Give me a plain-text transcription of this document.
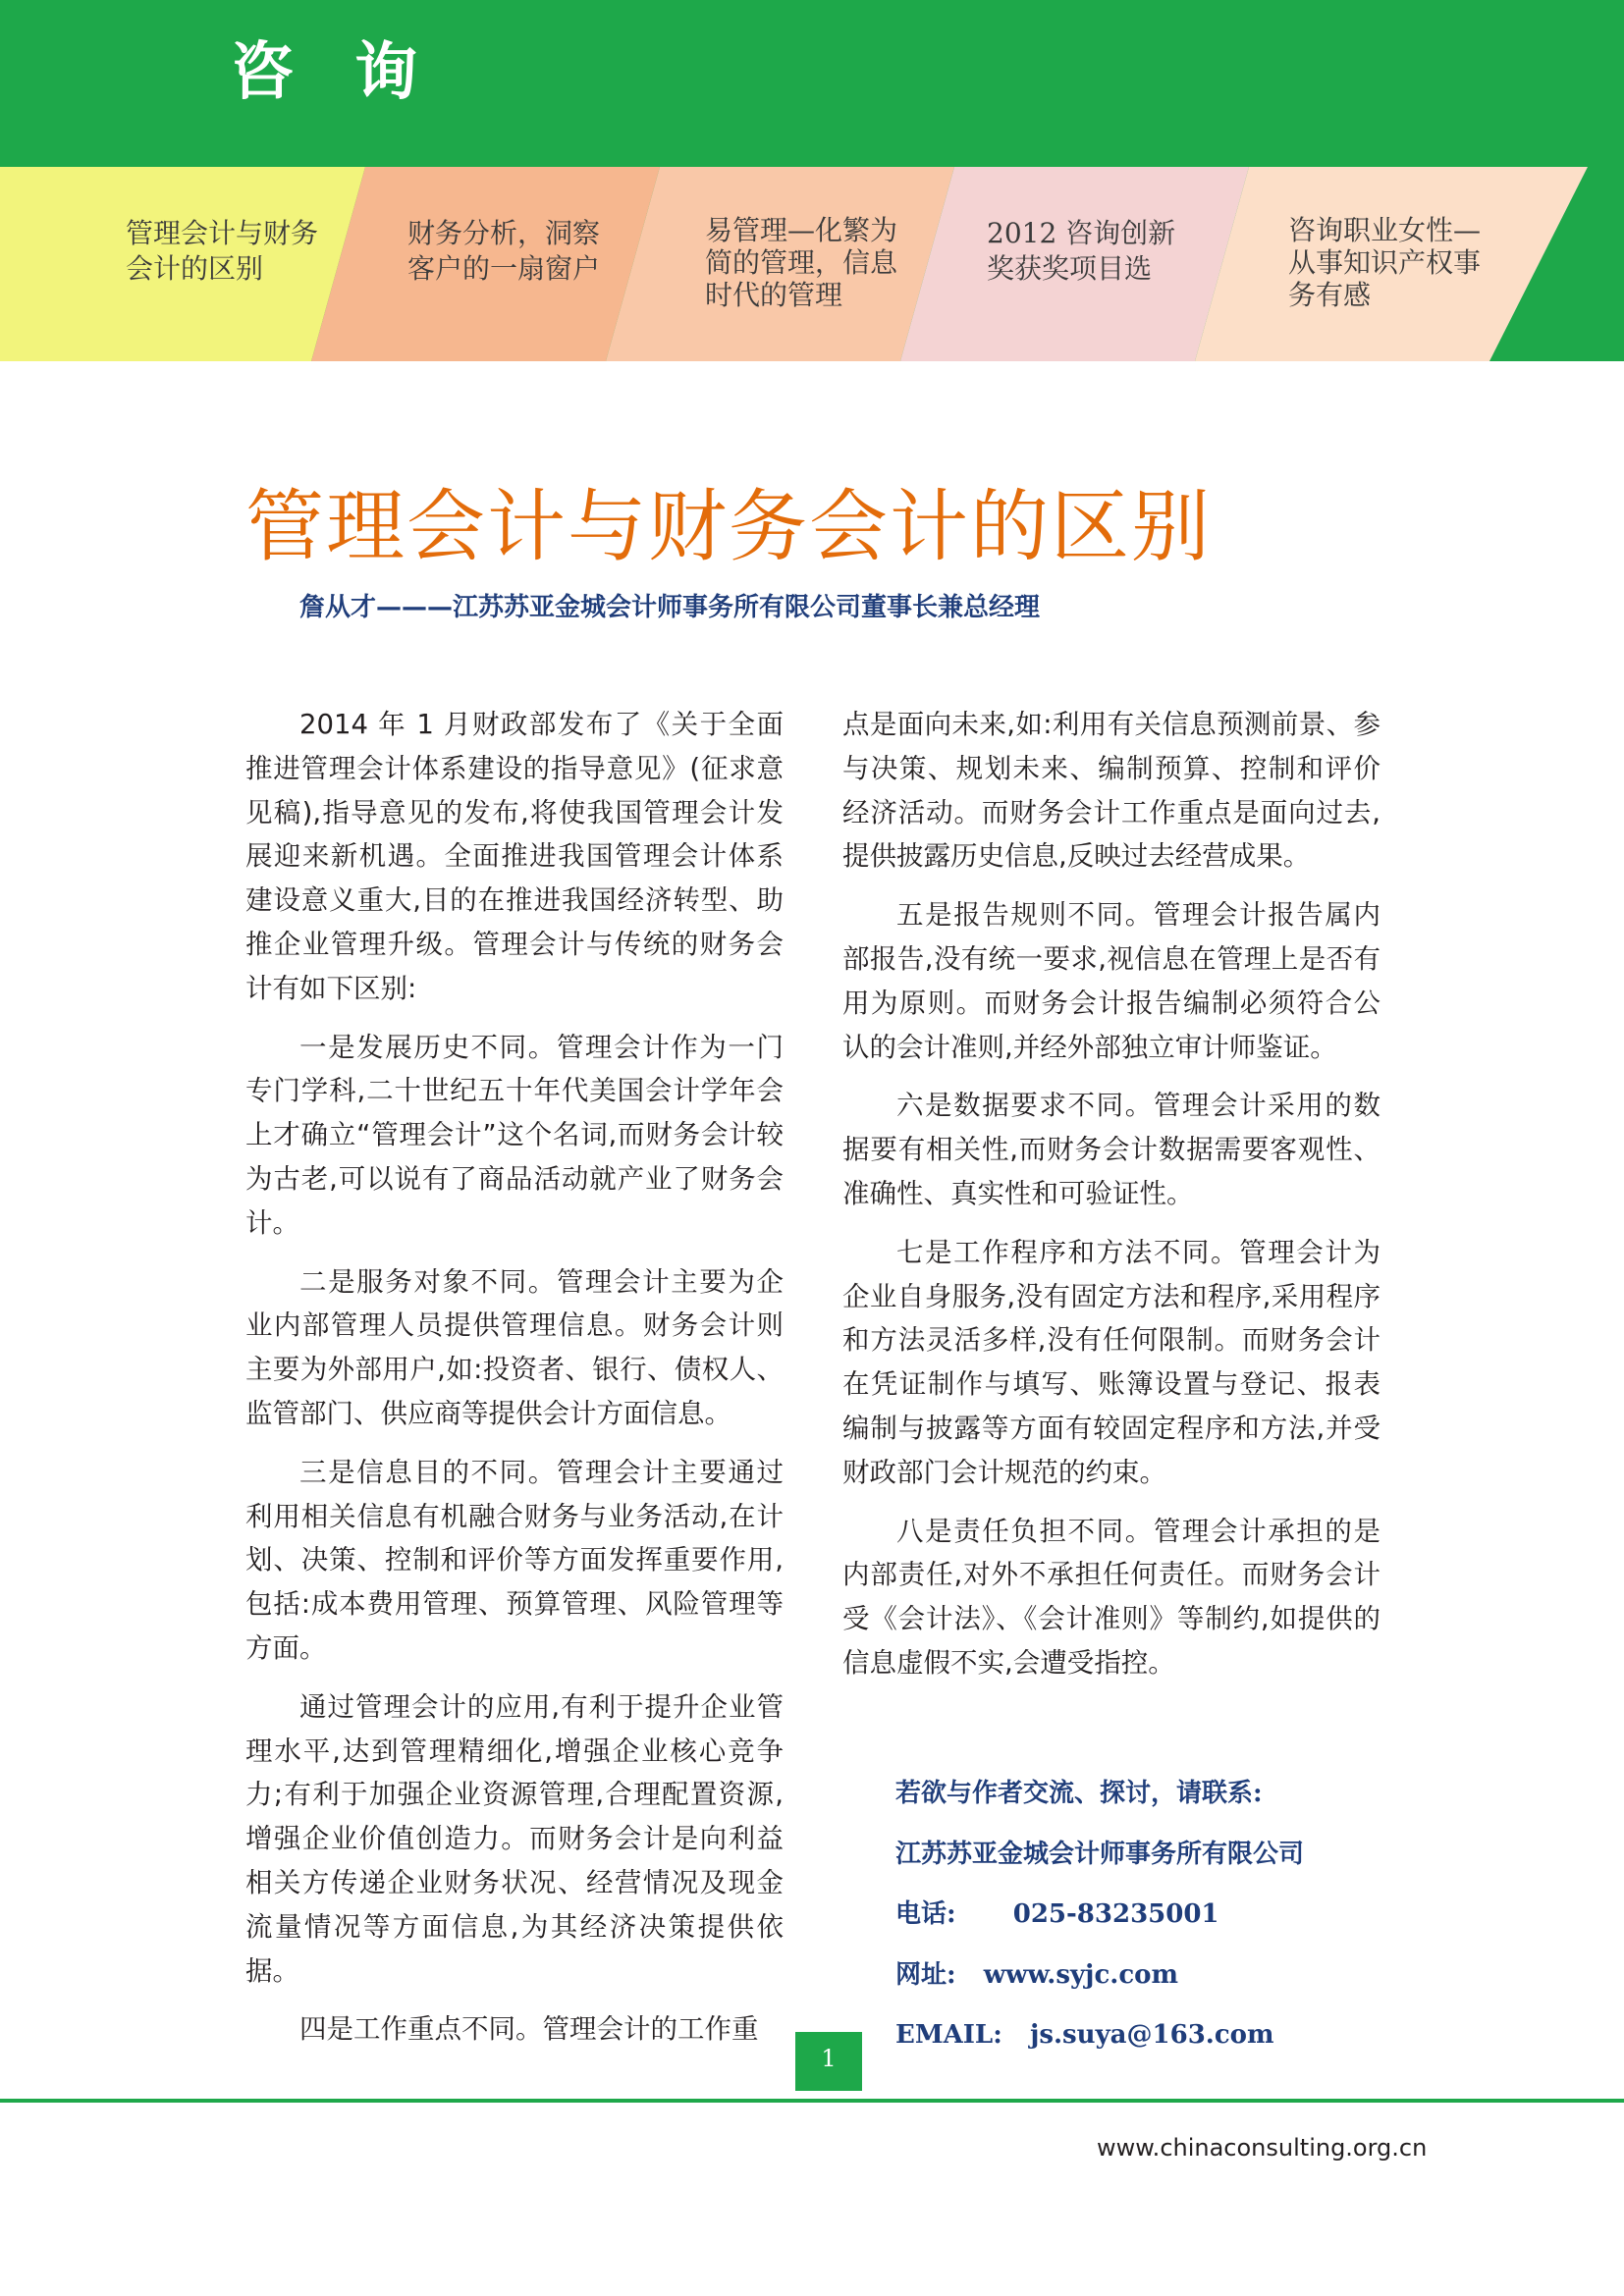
咨询
管理会计与财务会计的区别
财务分析，洞察客户的一扇窗户
易管理—化繁为简的管理，信息时代的管理
2012 咨询创新奖获奖项目选
咨询职业女性—从事知识产权事务有感
管理会计与财务会计的区别
詹从才———江苏苏亚金城会计师事务所有限公司董事长兼总经理

2014 年 1 月财政部发布了《关于全面推进管理会计体系建设的指导意见》(征求意见稿),指导意见的发布,将使我国管理会计发展迎来新机遇。全面推进我国管理会计体系建设意义重大,目的在推进我国经济转型、助推企业管理升级。管理会计与传统的财务会计有如下区别:

一是发展历史不同。管理会计作为一门专门学科,二十世纪五十年代美国会计学年会上才确立“管理会计”这个名词,而财务会计较为古老,可以说有了商品活动就产业了财务会计。

二是服务对象不同。管理会计主要为企业内部管理人员提供管理信息。财务会计则主要为外部用户,如:投资者、银行、债权人、监管部门、供应商等提供会计方面信息。

三是信息目的不同。管理会计主要通过利用相关信息有机融合财务与业务活动,在计划、决策、控制和评价等方面发挥重要作用,包括:成本费用管理、预算管理、风险管理等方面。

通过管理会计的应用,有利于提升企业管理水平,达到管理精细化,增强企业核心竞争力;有利于加强企业资源管理,合理配置资源,增强企业价值创造力。而财务会计是向利益相关方传递企业财务状况、经营情况及现金流量情况等方面信息,为其经济决策提供依据。

四是工作重点不同。管理会计的工作重

点是面向未来,如:利用有关信息预测前景、参与决策、规划未来、编制预算、控制和评价经济活动。而财务会计工作重点是面向过去,提供披露历史信息,反映过去经营成果。

五是报告规则不同。管理会计报告属内部报告,没有统一要求,视信息在管理上是否有用为原则。而财务会计报告编制必须符合公认的会计准则,并经外部独立审计师鉴证。

六是数据要求不同。管理会计采用的数据要有相关性,而财务会计数据需要客观性、准确性、真实性和可验证性。

七是工作程序和方法不同。管理会计为企业自身服务,没有固定方法和程序,采用程序和方法灵活多样,没有任何限制。而财务会计在凭证制作与填写、账簿设置与登记、报表编制与披露等方面有较固定程序和方法,并受财政部门会计规范的约束。

八是责任负担不同。管理会计承担的是内部责任,对外不承担任何责任。而财务会计受《会计法》、《会计准则》等制约,如提供的信息虚假不实,会遭受指控。

若欲与作者交流、探讨，请联系:
江苏苏亚金城会计师事务所有限公司
电话: 025-83235001
网址: www.syjc.com
EMAIL: js.suya@163.com
1
www.chinaconsulting.org.cn
